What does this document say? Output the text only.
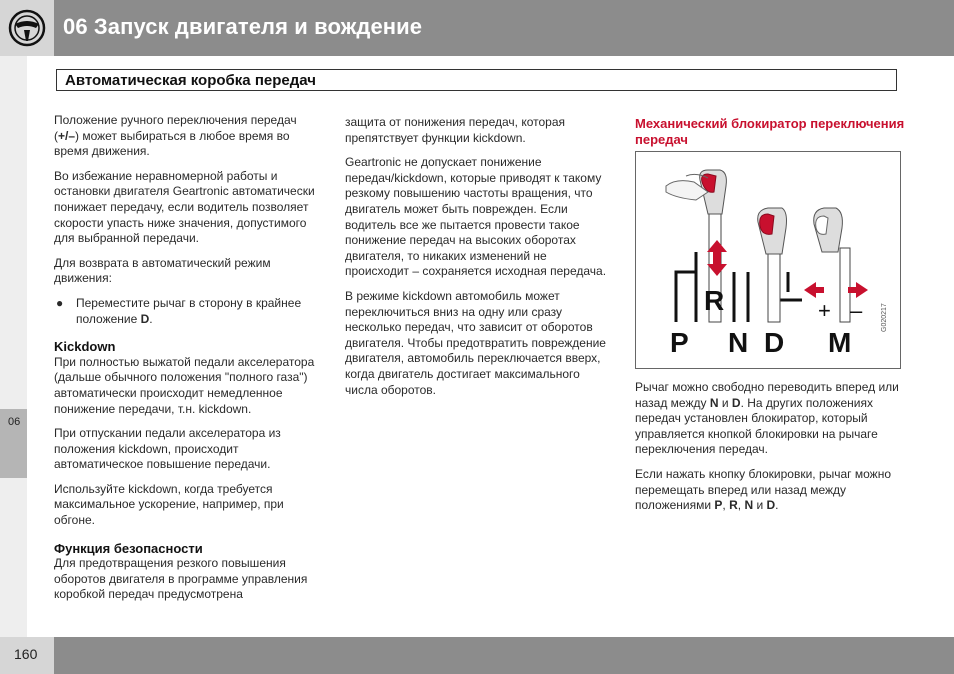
06 Запуск двигателя и вождение
Автоматическая коробка передач
06

Положение ручного переключения передач (+/–) может выбираться в любое время во время движения.

Во избежание неравномерной работы и остановки двигателя Geartronic автоматически понижает передачу, если водитель позволяет скорости упасть ниже значения, допустимого для выбранной передачи.

Для возврата в автоматический режим движения:

● Переместите рычаг в сторону в крайнее положение D.
Kickdown

При полностью выжатой педали акселератора (дальше обычного положения "полного газа") автоматически происходит немедленное понижение передачи, т.н. kickdown.

При отпускании педали акселератора из положения kickdown, происходит автоматическое повышение передачи.

Используйте kickdown, когда требуется максимальное ускорение, например, при обгоне.

Функция безопасности

Для предотвращения резкого повышения оборотов двигателя в программе управления коробкой передач предусмотрена

защита от понижения передач, которая препятствует функции kickdown.

Geartronic не допускает понижение передач/kickdown, которые приводят к такому резкому повышению частоты вращения, что двигатель может быть поврежден. Если водитель все же пытается провести такое понижение передач на высоких оборотах двигателя, то никаких изменений не происходит – сохраняется исходная передача.

В режиме kickdown автомобиль может переключиться вниз на одну или сразу несколько передач, что зависит от оборотов двигателя. Чтобы предотвратить повреждение двигателя, автомобиль переключается вверх, когда двигатель достигает максимального числа оборотов.

Механический блокиратор переключения передач
P
R
N D M
+ –	G020217

Рычаг можно свободно переводить вперед или назад между N и D. На других положениях передач установлен блокиратор, который управляется кнопкой блокировки на рычаге переключения передач.

Если нажать кнопку блокировки, рычаг можно перемещать вперед или назад между положениями P, R, N и D.

160
